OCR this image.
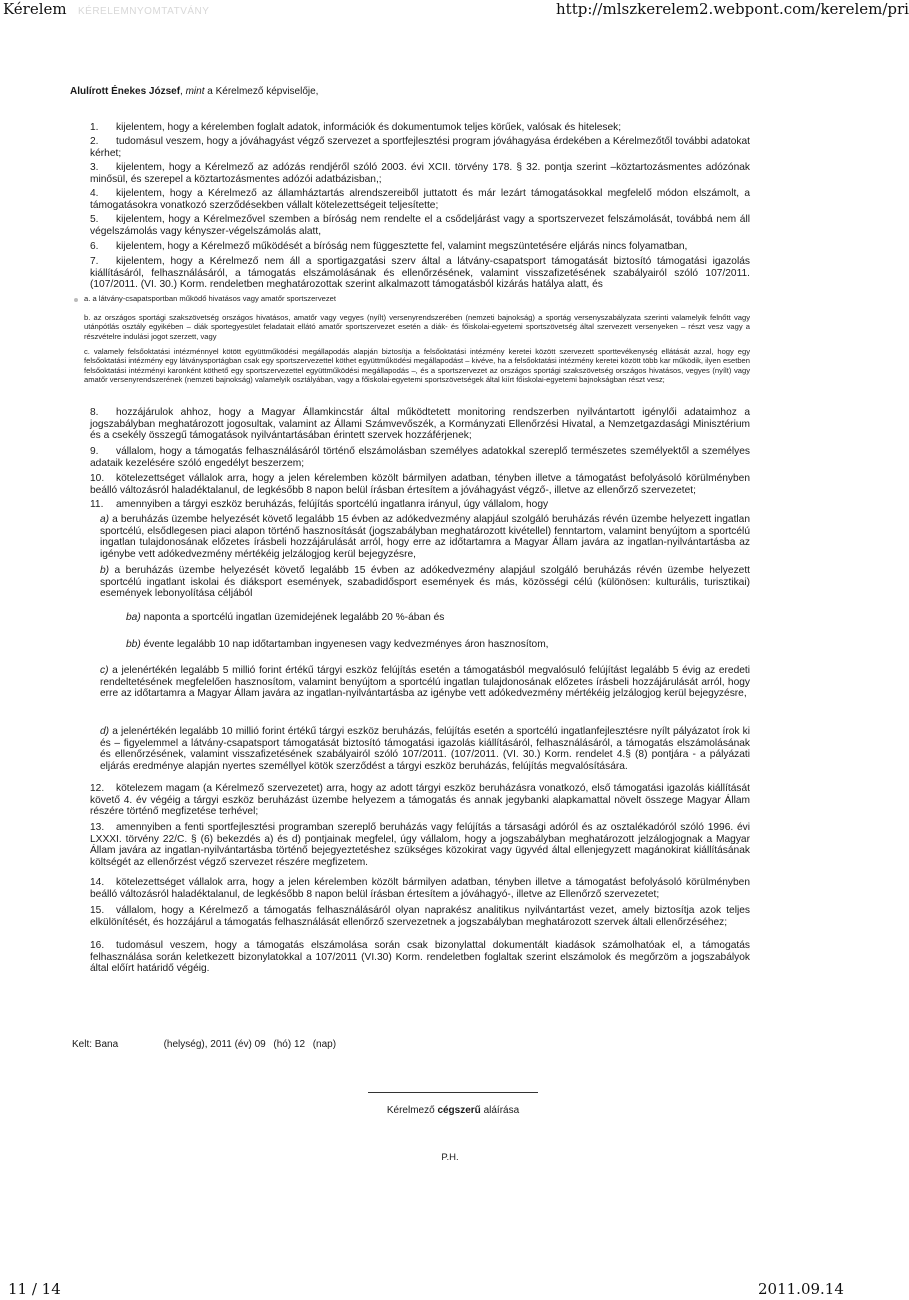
Kérelem KÉRELEMNYOMTATVÁNY	http://mlszkerelem2.webpont.com/kerelem/pri
Alulírott Énekes József, mint a Kérelmező képviselője,
1. kijelentem, hogy a kérelemben foglalt adatok, információk és dokumentumok teljes körűek, valósak és hitelesek;
2. tudomásul veszem, hogy a jóváhagyást végző szervezet a sportfejlesztési program jóváhagyása érdekében a Kérelmezőtől további adatokat kérhet;
3. kijelentem, hogy a Kérelmező az adózás rendjéről szóló 2003. évi XCII. törvény 178. § 32. pontja szerint –köztartozásmentes adózónak minősül, és szerepel a köztartozásmentes adózói adatbázisban,;
4. kijelentem, hogy a Kérelmező az államháztartás alrendszereiből juttatott és már lezárt támogatásokkal megfelelő módon elszámolt, a támogatásokra vonatkozó szerződésekben vállalt kötelezettségeit teljesítette;
5. kijelentem, hogy a Kérelmezővel szemben a bíróság nem rendelte el a csődeljárást vagy a sportszervezet felszámolását, továbbá nem áll végelszámolás vagy kényszer-végelszámolás alatt,
6. kijelentem, hogy a Kérelmező működését a bíróság nem függesztette fel, valamint megszüntetésére eljárás nincs folyamatban,
7. kijelentem, hogy a Kérelmező nem áll a sportigazgatási szerv által a látvány-csapatsport támogatását biztosító támogatási igazolás kiállításáról, felhasználásáról, a támogatás elszámolásának és ellenőrzésének, valamint visszafizetésének szabályairól szóló 107/2011. (107/2011. (VI. 30.) Korm. rendeletben meghatározottak szerint alkalmazott támogatásból kizárás hatálya alatt, és
a. a látvány-csapatsportban működő hivatásos vagy amatőr sportszervezet
b. az országos sportági szakszövetség országos hivatásos, amatőr vagy vegyes (nyílt) versenyrendszerében (nemzeti bajnokság) a sportág versenyszabályzata szerinti valamelyik felnőtt vagy utánpótlás osztály egyikében – diák sportegyesület feladatait ellátó amatőr sportszervezet esetén a diák- és főiskolai-egyetemi sportszövetség által szervezett versenyeken – részt vesz vagy a részvételre indulási jogot szerzett, vagy
c. valamely felsőoktatási intézménnyel kötött együttműködési megállapodás alapján biztosítja a felsőoktatási intézmény keretei között szervezett sporttevékenység ellátását azzal, hogy egy felsőoktatási intézmény egy látványsportágban csak egy sportszervezettel köthet együttműködési megállapodást – kivéve, ha a felsőoktatási intézmény keretei között több kar működik, ilyen esetben felsőoktatási intézményi karonként köthető egy sportszervezettel együttműködési megállapodás –, és a sportszervezet az országos sportági szakszövetség országos hivatásos, vegyes (nyílt) vagy amatőr versenyrendszerének (nemzeti bajnokság) valamelyik osztályában, vagy a főiskolai-egyetemi sportszövetségek által kiírt főiskolai-egyetemi bajnokságban részt vesz;
8. hozzájárulok ahhoz, hogy a Magyar Államkincstár által működtetett monitoring rendszerben nyilvántartott igénylői adataimhoz a jogszabályban meghatározott jogosultak, valamint az Állami Számvevőszék, a Kormányzati Ellenőrzési Hivatal, a Nemzetgazdasági Minisztérium és a csekély összegű támogatások nyilvántartásában érintett szervek hozzáférjenek;
9. vállalom, hogy a támogatás felhasználásáról történő elszámolásban személyes adatokkal szereplő természetes személyektől a személyes adataik kezelésére szóló engedélyt beszerzem;
10. kötelezettséget vállalok arra, hogy a jelen kérelemben közölt bármilyen adatban, tényben illetve a támogatást befolyásoló körülményben beálló változásról haladéktalanul, de legkésőbb 8 napon belül írásban értesítem a jóváhagyást végző-, illetve az ellenőrző szervezetet;
11. amennyiben a tárgyi eszköz beruházás, felújítás sportcélú ingatlanra irányul, úgy vállalom, hogy
a) a beruházás üzembe helyezését követő legalább 15 évben az adókedvezmény alapjául szolgáló beruházás révén üzembe helyezett ingatlan sportcélú, elsődlegesen piaci alapon történő hasznosítását (jogszabályban meghatározott kivétellel) fenntartom, valamint benyújtom a sportcélú ingatlan tulajdonosának előzetes írásbeli hozzájárulását arról, hogy erre az időtartamra a Magyar Állam javára az ingatlan-nyilvántartásba az igénybe vett adókedvezmény mértékéig jelzálogjog kerül bejegyzésre,
b) a beruházás üzembe helyezését követő legalább 15 évben az adókedvezmény alapjául szolgáló beruházás révén üzembe helyezett sportcélú ingatlant iskolai és diáksport események, szabadidősport események és más, közösségi célú (különösen: kulturális, turisztikai) események lebonyolítása céljából
ba) naponta a sportcélú ingatlan üzemidejének legalább 20 %-ában és
bb) évente legalább 10 nap időtartamban ingyenesen vagy kedvezményes áron hasznosítom,
c) a jelenértékén legalább 5 millió forint értékű tárgyi eszköz felújítás esetén a támogatásból megvalósuló felújítást legalább 5 évig az eredeti rendeltetésének megfelelően hasznosítom, valamint benyújtom a sportcélú ingatlan tulajdonosának előzetes írásbeli hozzájárulását arról, hogy erre az időtartamra a Magyar Állam javára az ingatlan-nyilvántartásba az igénybe vett adókedvezmény mértékéig jelzálogjog kerül bejegyzésre,
d) a jelenértékén legalább 10 millió forint értékű tárgyi eszköz beruházás, felújítás esetén a sportcélú ingatlanfejlesztésre nyílt pályázatot írok ki és – figyelemmel a látvány-csapatsport támogatását biztosító támogatási igazolás kiállításáról, felhasználásáról, a támogatás elszámolásának és ellenőrzésének, valamint visszafizetésének szabályairól szóló 107/2011. (107/2011. (VI. 30.) Korm. rendelet 4.§ (8) pontjára - a pályázati eljárás eredménye alapján nyertes személlyel kötök szerződést a tárgyi eszköz beruházás, felújítás megvalósítására.
12. kötelezem magam (a Kérelmező szervezetet) arra, hogy az adott tárgyi eszköz beruházásra vonatkozó, első támogatási igazolás kiállítását követő 4. év végéig a tárgyi eszköz beruházást üzembe helyezem a támogatás és annak jegybanki alapkamattal növelt összege Magyar Állam részére történő megfizetése terhével;
13. amennyiben a fenti sportfejlesztési programban szereplő beruházás vagy felújítás a társasági adóról és az osztalékadóról szóló 1996. évi LXXXI. törvény 22/C. § (6) bekezdés a) és d) pontjainak megfelel, úgy vállalom, hogy a jogszabályban meghatározott jelzálogjognak a Magyar Állam javára az ingatlan-nyilvántartásba történő bejegyeztetéshez szükséges közokirat vagy ügyvéd által ellenjegyzett magánokirat kiállításának költségét az ellenőrzést végző szervezet részére megfizetem.
14. kötelezettséget vállalok arra, hogy a jelen kérelemben közölt bármilyen adatban, tényben illetve a támogatást befolyásoló körülményben beálló változásról haladéktalanul, de legkésőbb 8 napon belül írásban értesítem a jóváhagyó-, illetve az Ellenőrző szervezetet;
15. vállalom, hogy a Kérelmező a támogatás felhasználásáról olyan naprakész analitikus nyilvántartást vezet, amely biztosítja azok teljes elkülönítését, és hozzájárul a támogatás felhasználását ellenőrző szervezetnek a jogszabályban meghatározott szervek általi ellenőrzéséhez;
16. tudomásul veszem, hogy a támogatás elszámolása során csak bizonylattal dokumentált kiadások számolhatóak el, a támogatás felhasználása során keletkezett bizonylatokkal a 107/2011 (VI.30) Korm. rendeletben foglaltak szerint elszámolok és megőrzöm a jogszabályok által előírt határidő végéig.
Kelt: Bana	(helység), 2011 (év) 09 (hó) 12 (nap)
Kérelmező cégszerű aláírása
P.H.
11 / 14	2011.09.14
